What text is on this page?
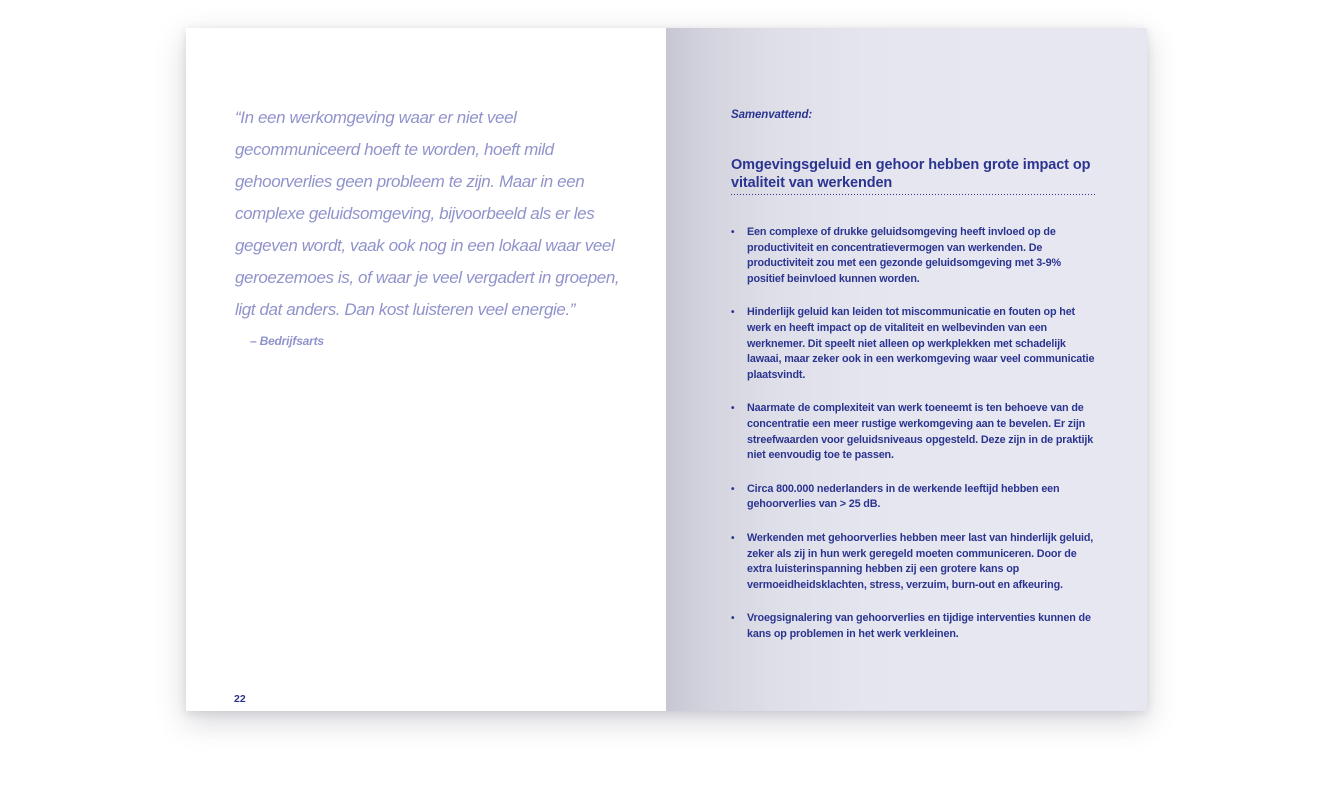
“In een werkomgeving waar er niet veel
gecommuniceerd hoeft te worden, hoeft mild
gehoorverlies geen probleem te zijn. Maar in een
complexe geluidsomgeving, bijvoorbeeld als er les
gegeven wordt, vaak ook nog in een lokaal waar veel
geroezemoes is, of waar je veel vergadert in groepen,
ligt dat anders. Dan kost luisteren veel energie.”
– Bedrijfsarts
22
Samenvattend:
Omgevingsgeluid en gehoor hebben grote impact op
vitaliteit van werkenden
•	Een complexe of drukke geluidsomgeving heeft invloed op de productiviteit en concentratievermogen van werkenden. De productiviteit zou met een gezonde geluidsomgeving met 3-9% positief beinvloed kunnen worden.
•	Hinderlijk geluid kan leiden tot miscommunicatie en fouten op het werk en heeft impact op de vitaliteit en welbevinden van een werknemer. Dit speelt niet alleen op werkplekken met schadelijk lawaai, maar zeker ook in een werkomgeving waar veel communicatie plaatsvindt.
•	Naarmate de complexiteit van werk toeneemt is ten behoeve van de concentratie een meer rustige werkomgeving aan te bevelen. Er zijn streefwaarden voor geluidsniveaus opgesteld. Deze zijn in de praktijk niet eenvoudig toe te passen.
•	Circa 800.000 nederlanders in de werkende leeftijd hebben een gehoorverlies van > 25 dB.
•	Werkenden met gehoorverlies hebben meer last van hinderlijk geluid, zeker als zij in hun werk geregeld moeten communiceren. Door de extra luisterinspanning hebben zij een grotere kans op vermoeidheidsklachten, stress, verzuim, burn-out en afkeuring.
•	Vroegsignalering van gehoorverlies en tijdige interventies kunnen de kans op problemen in het werk verkleinen.
